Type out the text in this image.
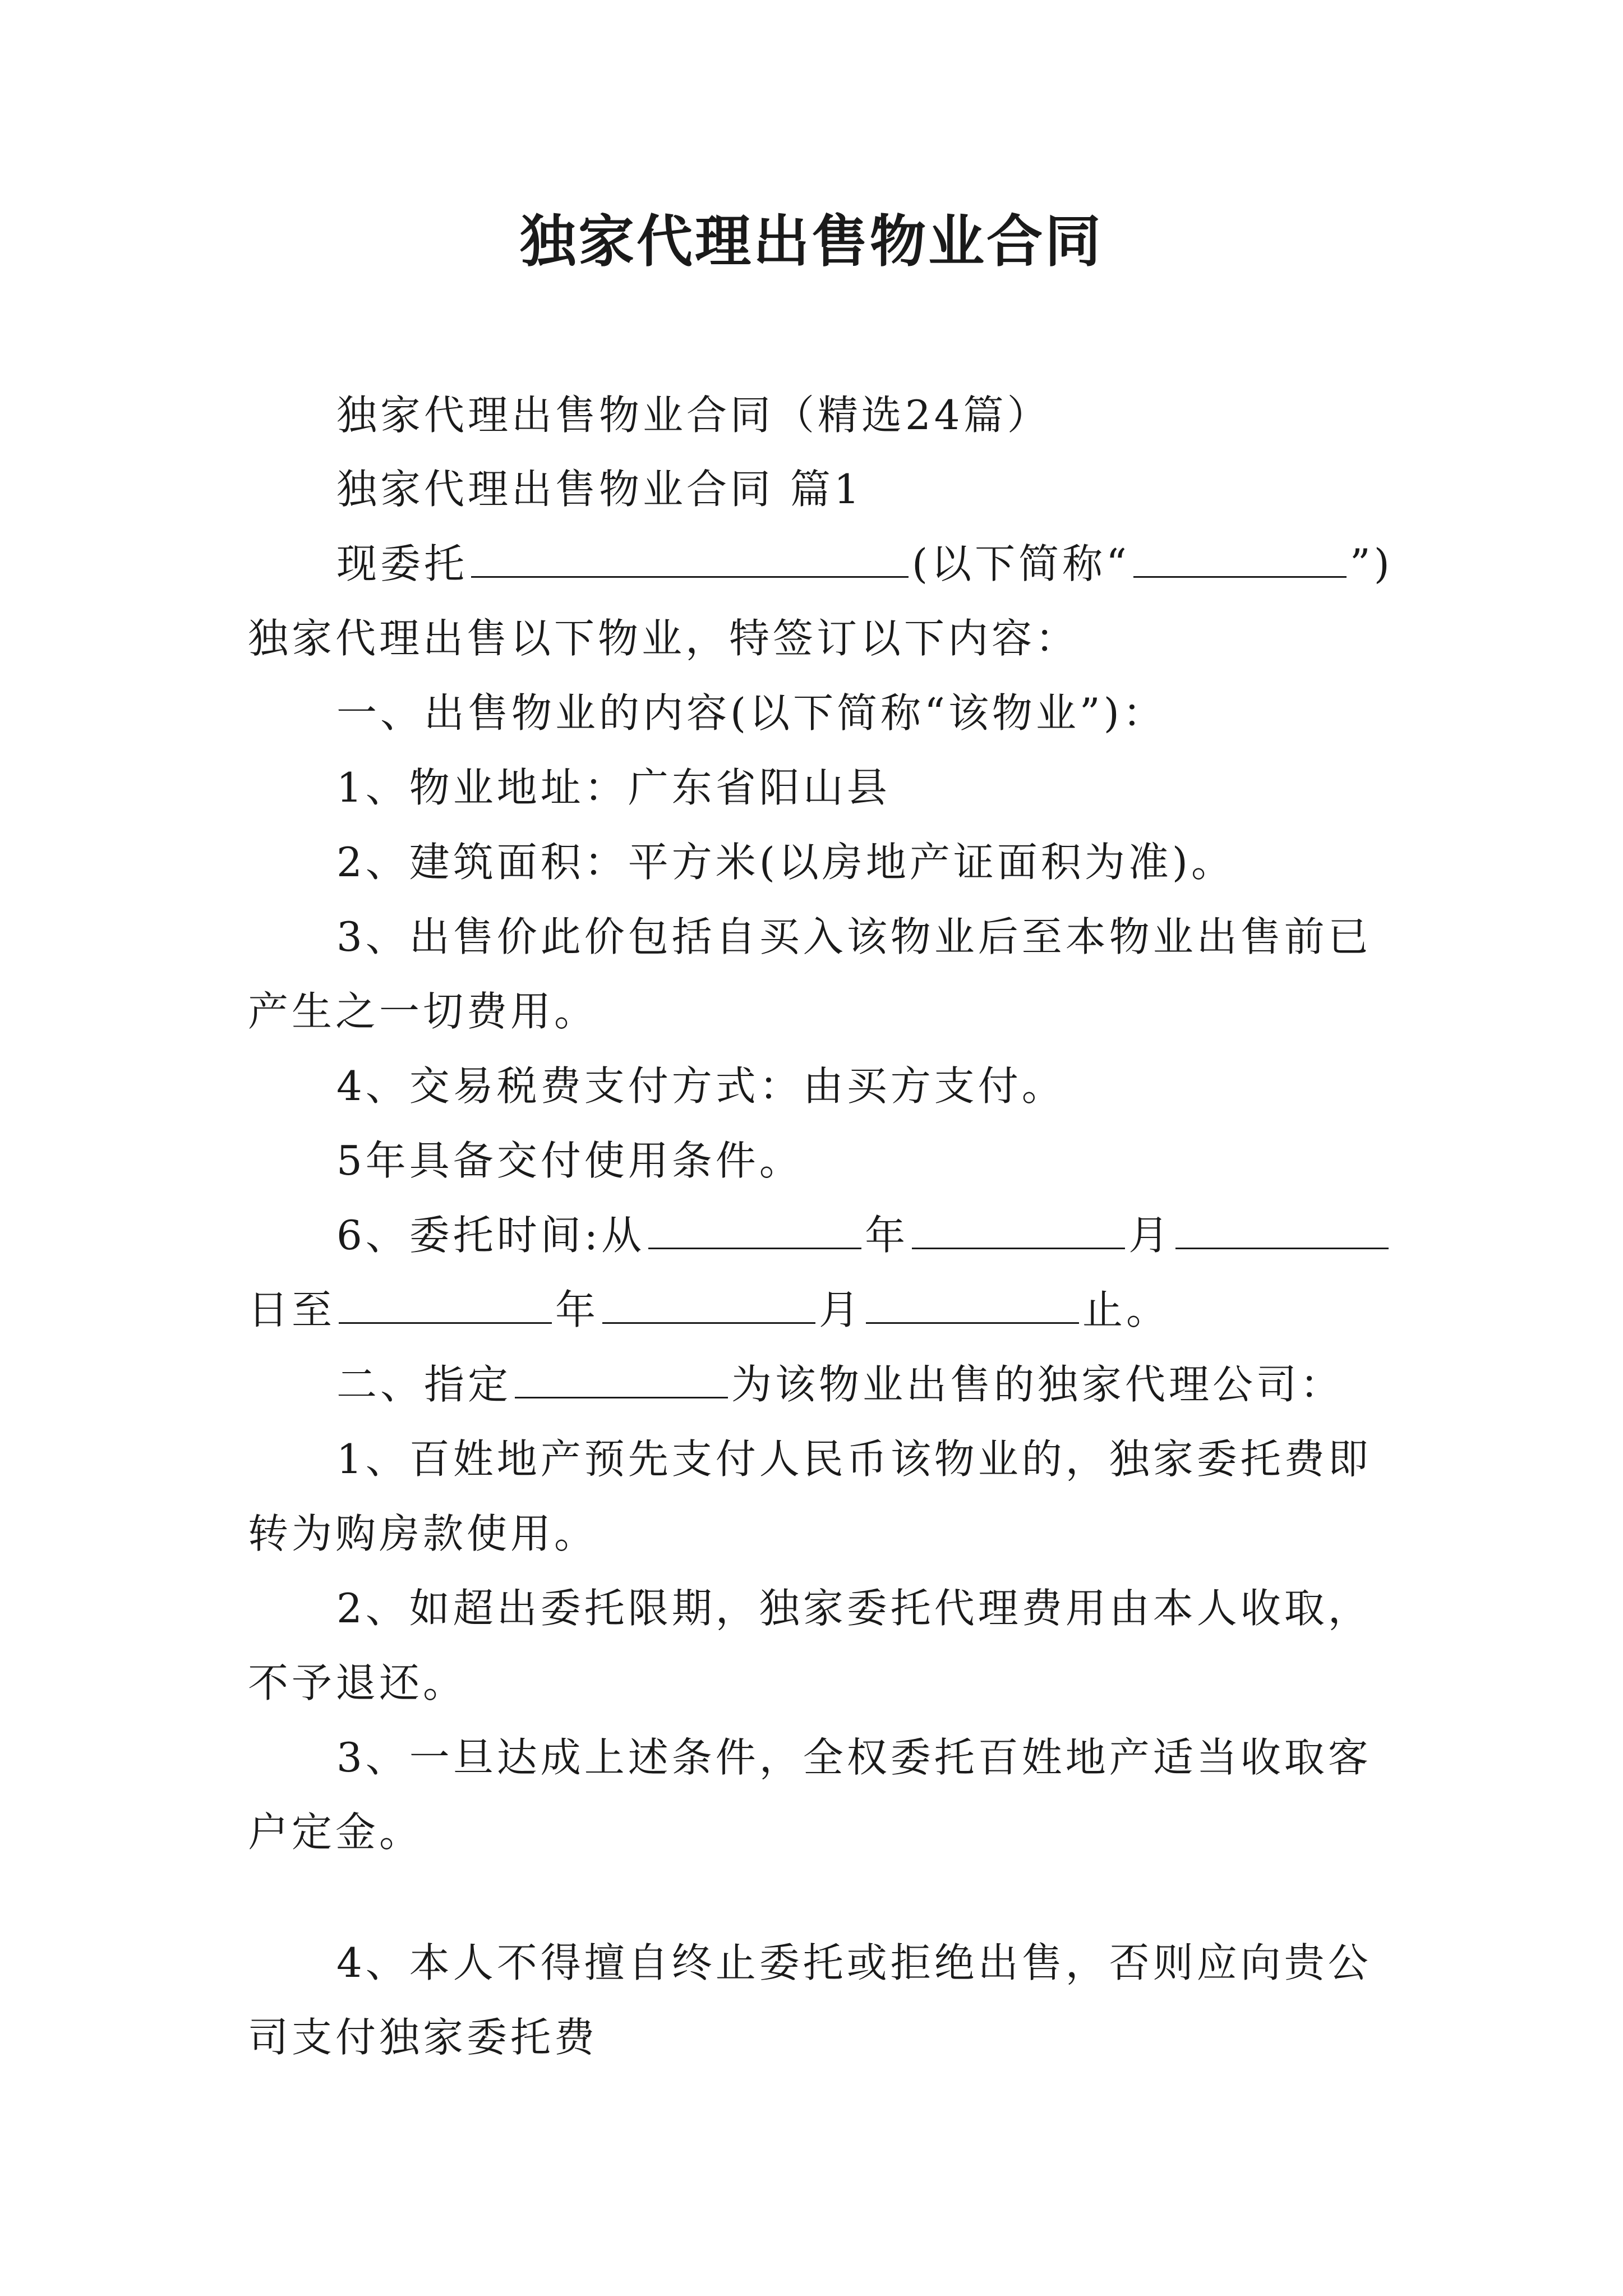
独家代理出售物业合同
独家代理出售物业合同（精选24篇）
独家代理出售物业合同 篇1
现委托	(以下简称“	”)
独家代理出售以下物业，特签订以下内容：
一、出售物业的内容(以下简称“该物业”)：
1、物业地址：广东省阳山县
2、建筑面积：平方米(以房地产证面积为准)。
3、出售价此价包括自买入该物业后至本物业出售前已
产生之一切费用。
4、交易税费支付方式：由买方支付。
5年具备交付使用条件。
6、委托时间:从	年	月
日至	年	月	止。
二、指定	为该物业出售的独家代理公司：
1、百姓地产预先支付人民币该物业的，独家委托费即
转为购房款使用。
2、如超出委托限期，独家委托代理费用由本人收取，
不予退还。
3、一旦达成上述条件，全权委托百姓地产适当收取客
户定金。
4、本人不得擅自终止委托或拒绝出售，否则应向贵公
司支付独家委托费
